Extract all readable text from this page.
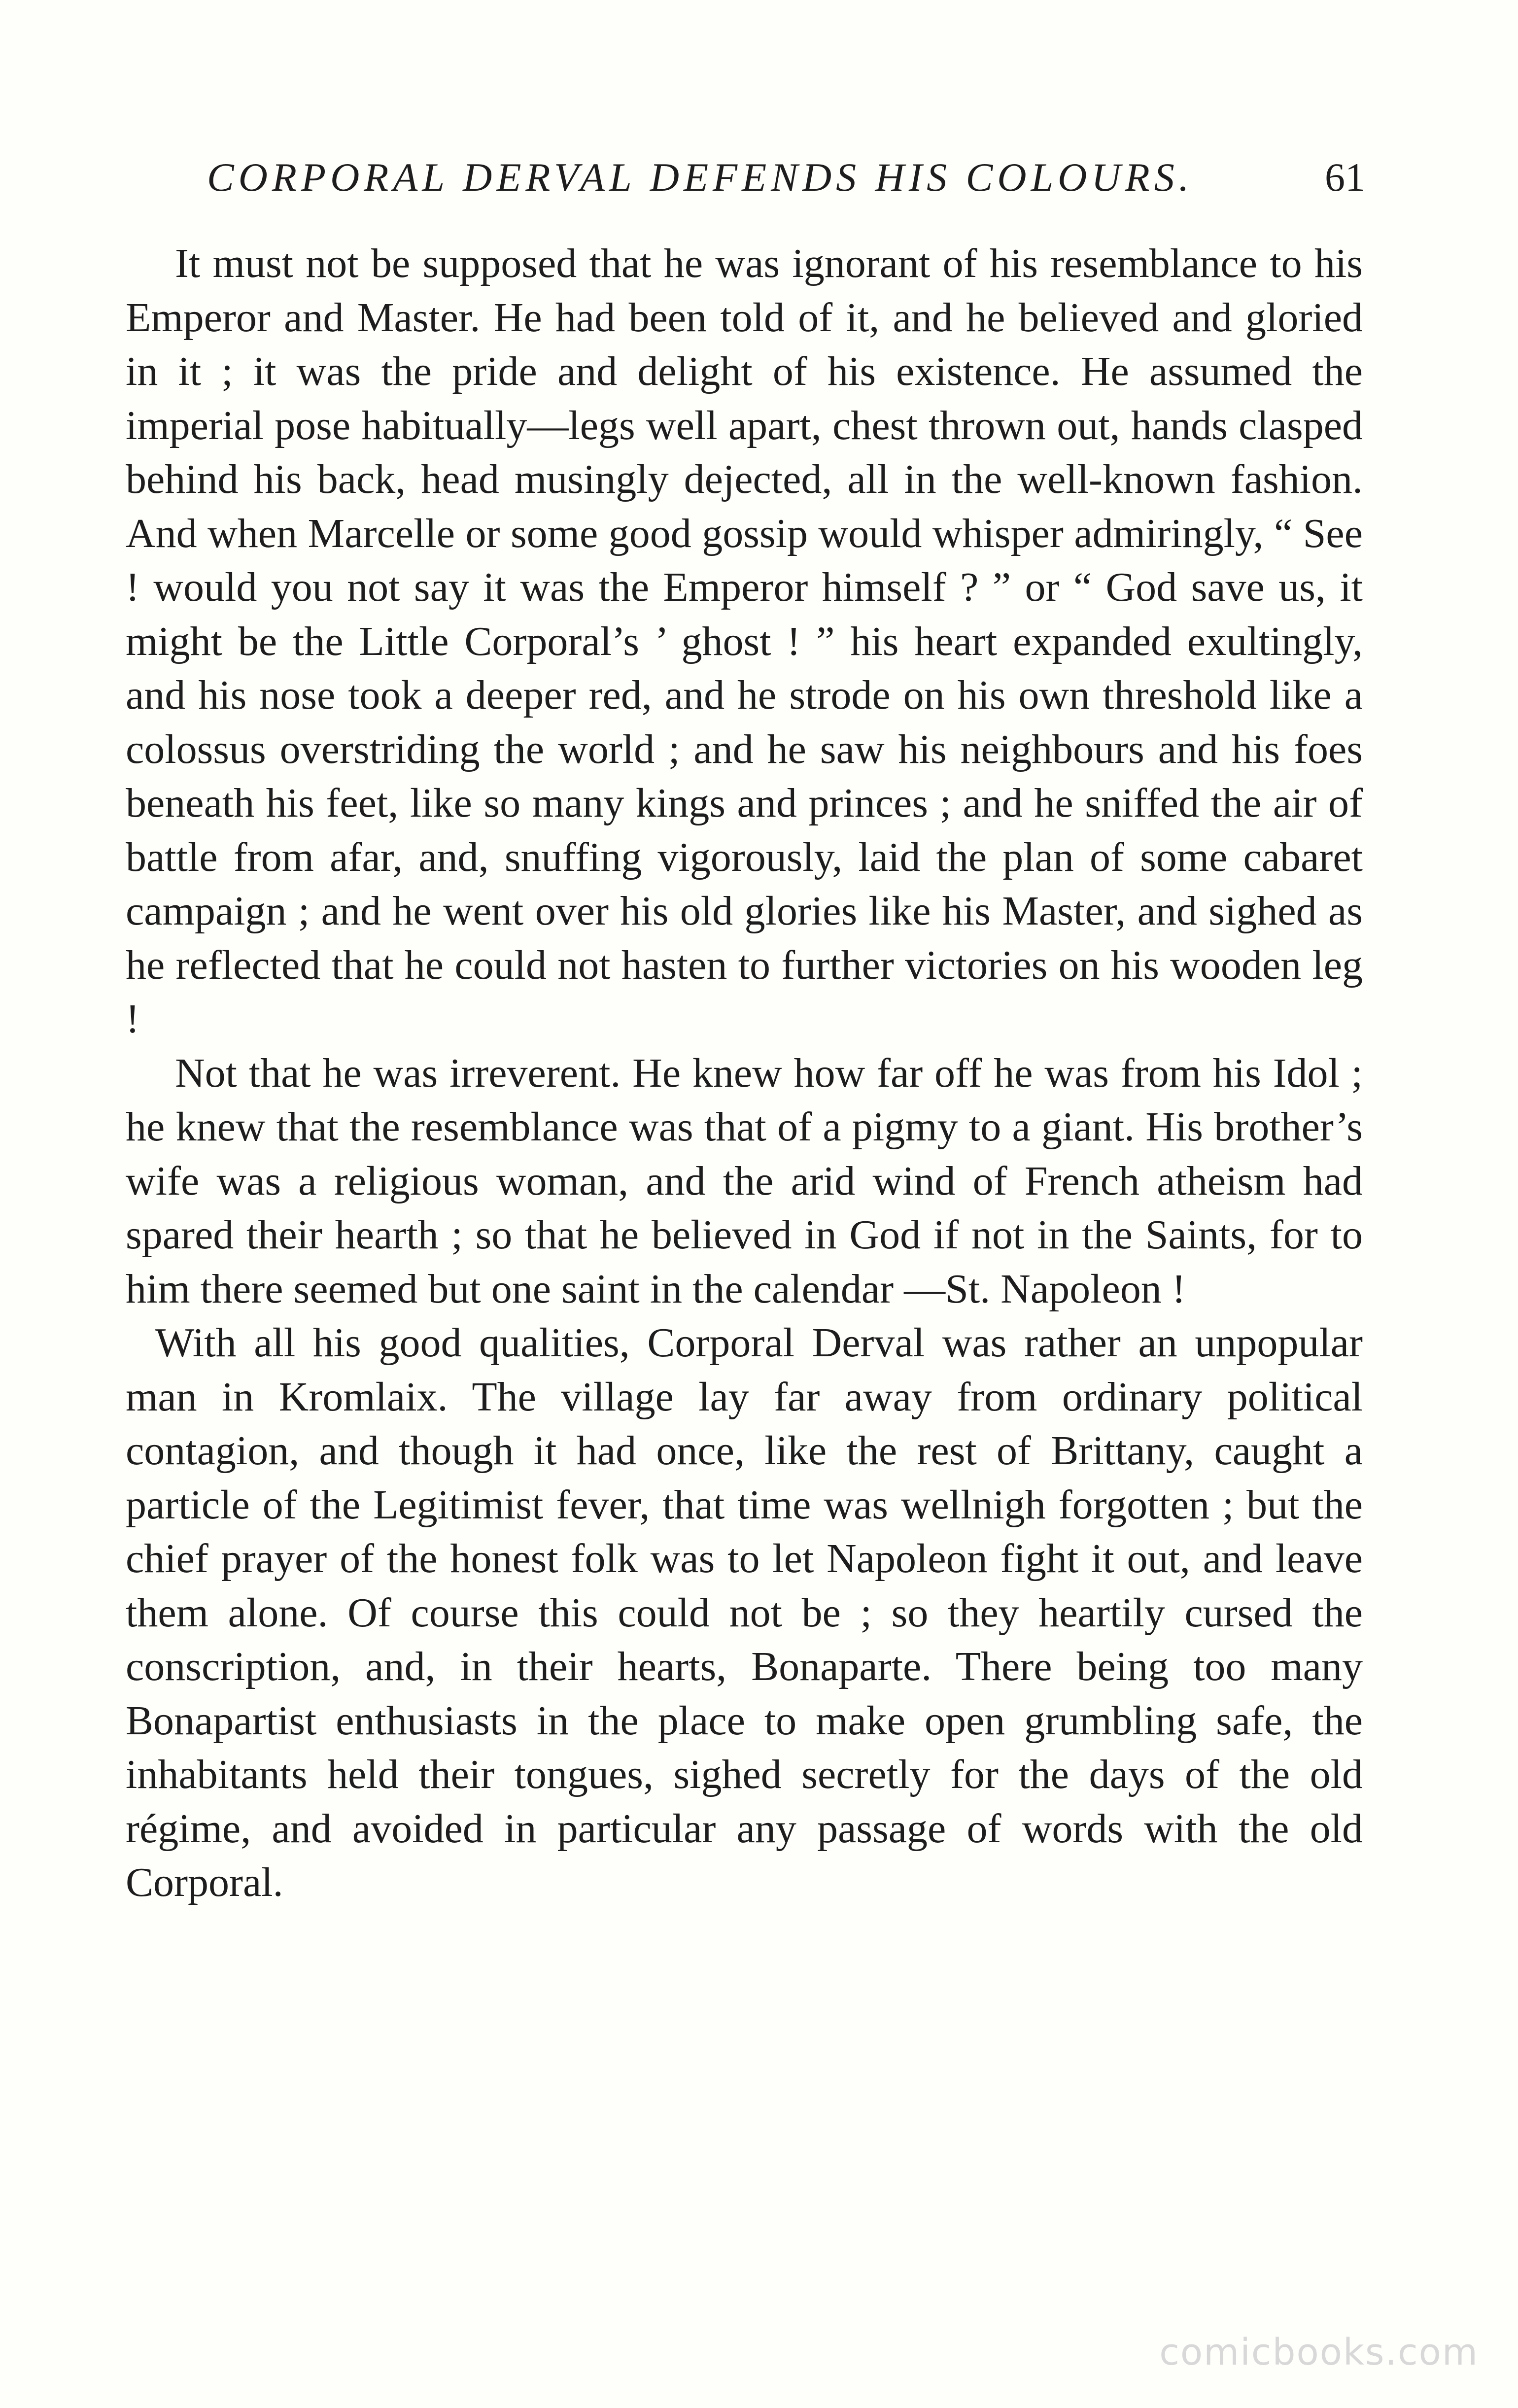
CORPORAL DERVAL DEFENDS HIS COLOURS.	61

It must not be supposed that he was ignorant of his resemblance to his Emperor and Master. He had been told of it, and he believed and gloried in it ; it was the pride and delight of his existence. He assumed the imperial pose habitually—legs well apart, chest thrown out, hands clasped behind his back, head musingly dejected, all in the well-known fashion. And when Marcelle or some good gossip would whisper admiringly, “ See ! would you not say it was the Emperor himself ? ” or “ God save us, it might be the Little Corporal’s ’ ghost ! ” his heart expanded exultingly, and his nose took a deeper red, and he strode on his own threshold like a colossus overstriding the world ; and he saw his neighbours and his foes beneath his feet, like so many kings and princes ; and he sniffed the air of battle from afar, and, snuffing vigorously, laid the plan of some cabaret campaign ; and he went over his old glories like his Master, and sighed as he reflected that he could not hasten to further victories on his wooden leg !

Not that he was irreverent. He knew how far off he was from his Idol ; he knew that the resemblance was that of a pigmy to a giant. His brother’s wife was a religious woman, and the arid wind of French atheism had spared their hearth ; so that he believed in God if not in the Saints, for to him there seemed but one saint in the calendar —St. Napoleon !

With all his good qualities, Corporal Derval was rather an unpopular man in Kromlaix. The village lay far away from ordinary political contagion, and though it had once, like the rest of Brittany, caught a particle of the Legitimist fever, that time was wellnigh forgotten ; but the chief prayer of the honest folk was to let Napoleon fight it out, and leave them alone. Of course this could not be ; so they heartily cursed the conscription, and, in their hearts, Bonaparte. There being too many Bonapartist enthusiasts in the place to make open grumbling safe, the inhabitants held their tongues, sighed secretly for the days of the old régime, and avoided in particular any passage of words with the old Corporal.

comicbooks.com
